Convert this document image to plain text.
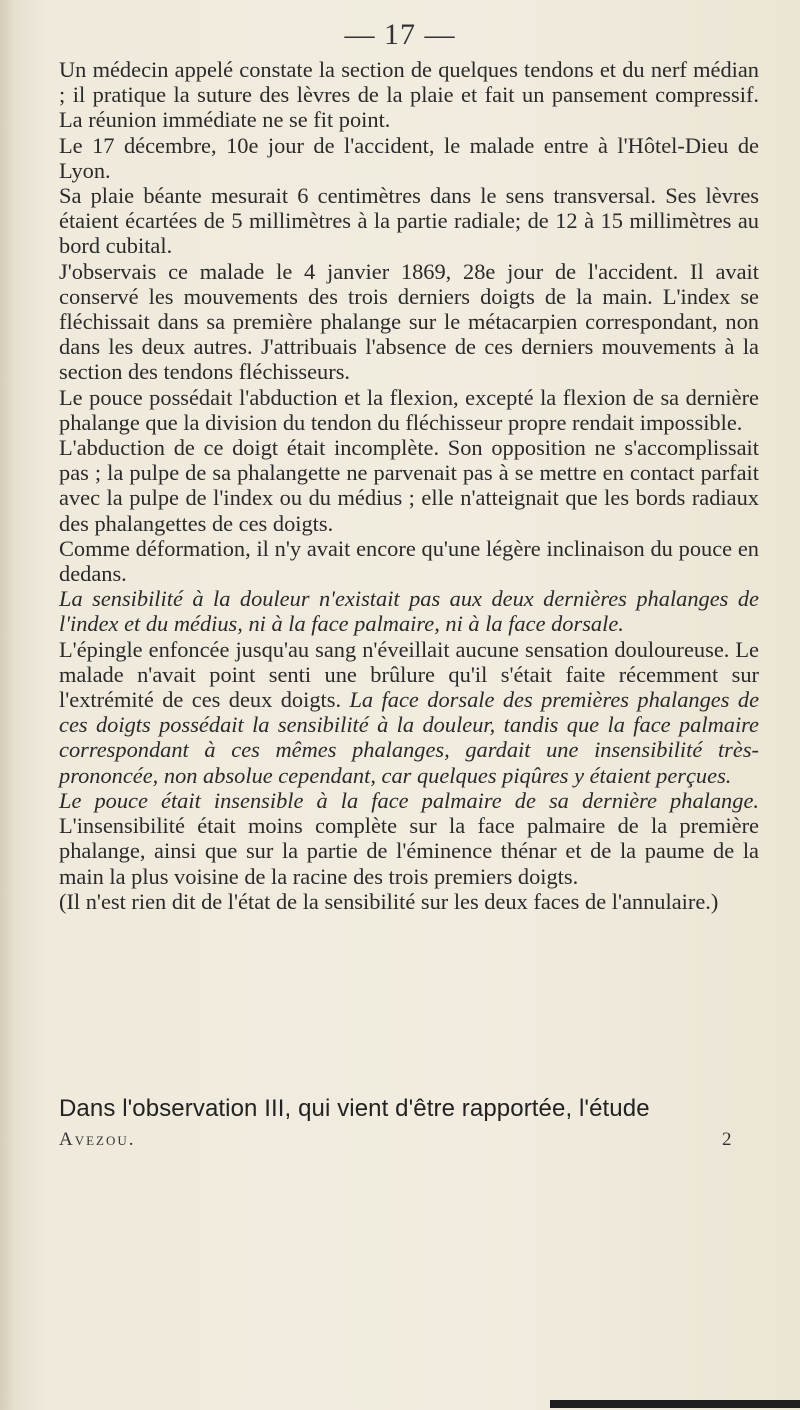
— 17 —

Un médecin appelé constate la section de quelques tendons et du nerf médian ; il pratique la suture des lèvres de la plaie et fait un pansement compressif. La réunion immédiate ne se fit point.

Le 17 décembre, 10e jour de l'accident, le malade entre à l'Hôtel-Dieu de Lyon.

Sa plaie béante mesurait 6 centimètres dans le sens transversal. Ses lèvres étaient écartées de 5 millimètres à la partie radiale; de 12 à 15 millimètres au bord cubital.

J'observais ce malade le 4 janvier 1869, 28e jour de l'accident. Il avait conservé les mouvements des trois derniers doigts de la main. L'index se fléchissait dans sa première phalange sur le métacarpien correspondant, non dans les deux autres. J'attribuais l'absence de ces derniers mouvements à la section des tendons fléchisseurs.

Le pouce possédait l'abduction et la flexion, excepté la flexion de sa dernière phalange que la division du tendon du fléchisseur propre rendait impossible.

L'abduction de ce doigt était incomplète. Son opposition ne s'accomplissait pas ; la pulpe de sa phalangette ne parvenait pas à se mettre en contact parfait avec la pulpe de l'index ou du médius ; elle n'atteignait que les bords radiaux des phalangettes de ces doigts.

Comme déformation, il n'y avait encore qu'une légère inclinaison du pouce en dedans.

La sensibilité à la douleur n'existait pas aux deux dernières phalanges de l'index et du médius, ni à la face palmaire, ni à la face dorsale.

L'épingle enfoncée jusqu'au sang n'éveillait aucune sensation douloureuse. Le malade n'avait point senti une brûlure qu'il s'était faite récemment sur l'extrémité de ces deux doigts. La face dorsale des premières phalanges de ces doigts possédait la sensibilité à la douleur, tandis que la face palmaire correspondant à ces mêmes phalanges, gardait une insensibilité très-prononcée, non absolue cependant, car quelques piqûres y étaient perçues.

Le pouce était insensible à la face palmaire de sa dernière phalange. L'insensibilité était moins complète sur la face palmaire de la première phalange, ainsi que sur la partie de l'éminence thénar et de la paume de la main la plus voisine de la racine des trois premiers doigts.

(Il n'est rien dit de l'état de la sensibilité sur les deux faces de l'annulaire.)

Dans l'observation III, qui vient d'être rapportée, l'étude
Avezou.	2
